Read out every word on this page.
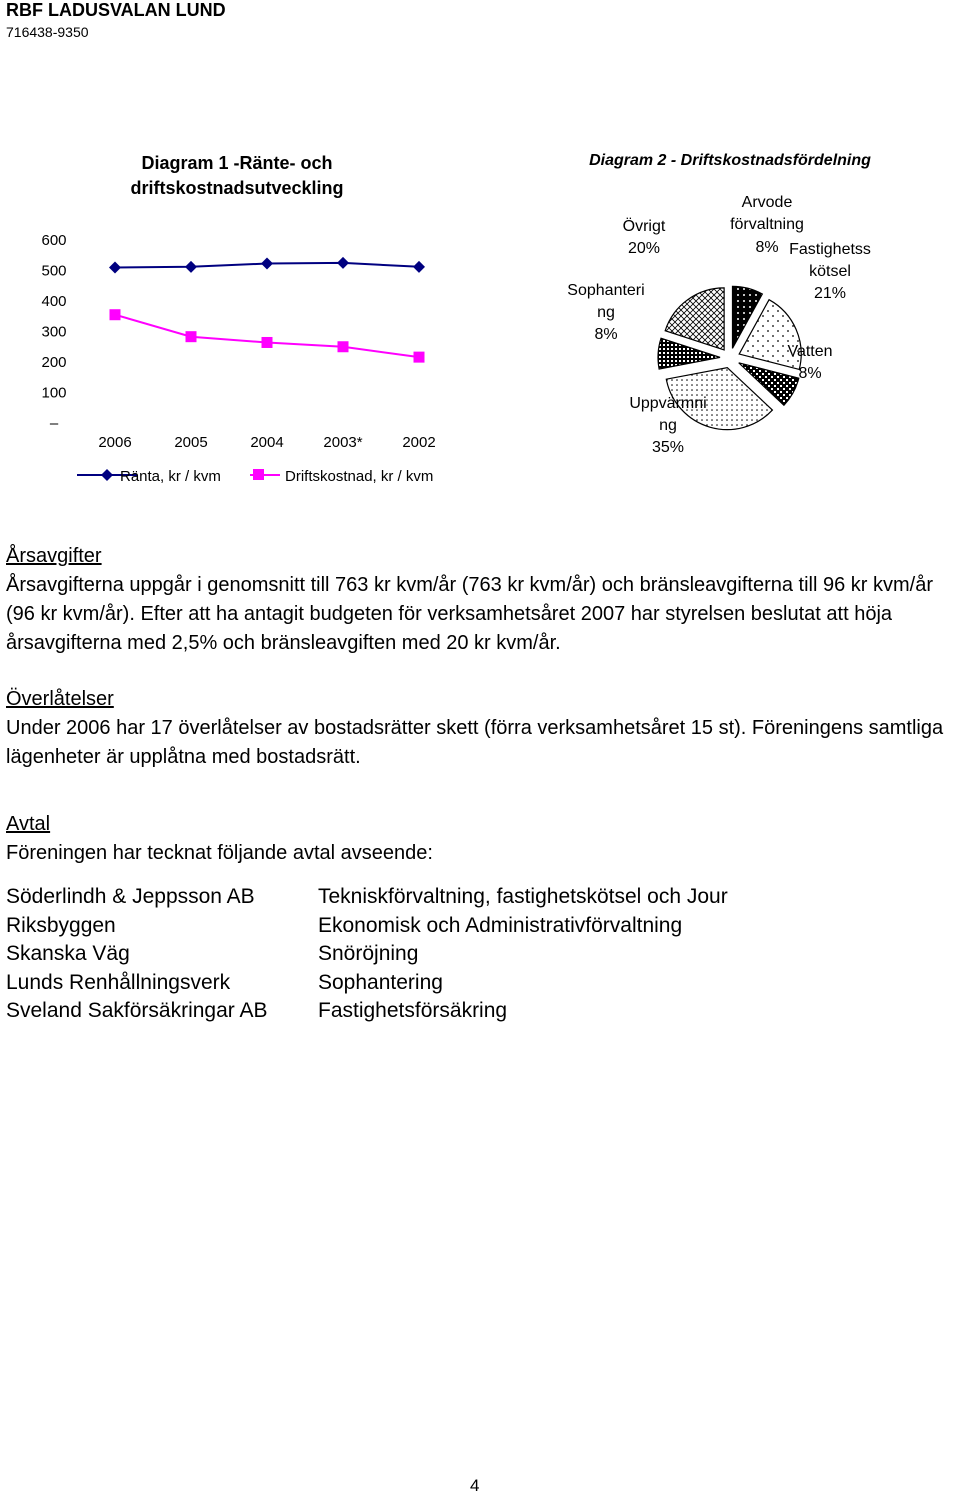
RBF LADUSVALAN LUND
716438-9350
Diagram 1 -Ränte- och
driftskostnadsutveckling
600
500
400
300
200
100
–
2006	2005	2004	2003*	2002
Ränta, kr / kvm	Driftskostnad, kr / kvm
Diagram 2 - Driftskostnadsfördelning
Arvode
förvaltning
8% Fastighetss
kötsel
21%
Vatten
8%
Uppvärmni
ng
35%
Sophanteri
ng
8%
Övrigt
20%

Årsavgifter

Årsavgifterna uppgår i genomsnitt till 763 kr kvm/år (763 kr kvm/år) och bränsleavgifterna till 96 kr kvm/år (96 kr kvm/år). Efter att ha antagit budgeten för verksamhetsåret 2007 har styrelsen beslutat att höja årsavgifterna med 2,5% och bränsleavgiften med 20 kr kvm/år.

Överlåtelser

Under 2006 har 17 överlåtelser av bostadsrätter skett (förra verksamhetsåret 15 st). Föreningens samtliga lägenheter är upplåtna med bostadsrätt.

Avtal

Föreningen har tecknat följande avtal avseende:

Söderlindh & Jeppsson AB	Tekniskförvaltning, fastighetskötsel och Jour
Riksbyggen	Ekonomisk och Administrativförvaltning
Skanska Väg	Snöröjning
Lunds Renhållningsverk	Sophantering
Sveland Sakförsäkringar AB	Fastighetsförsäkring
4
